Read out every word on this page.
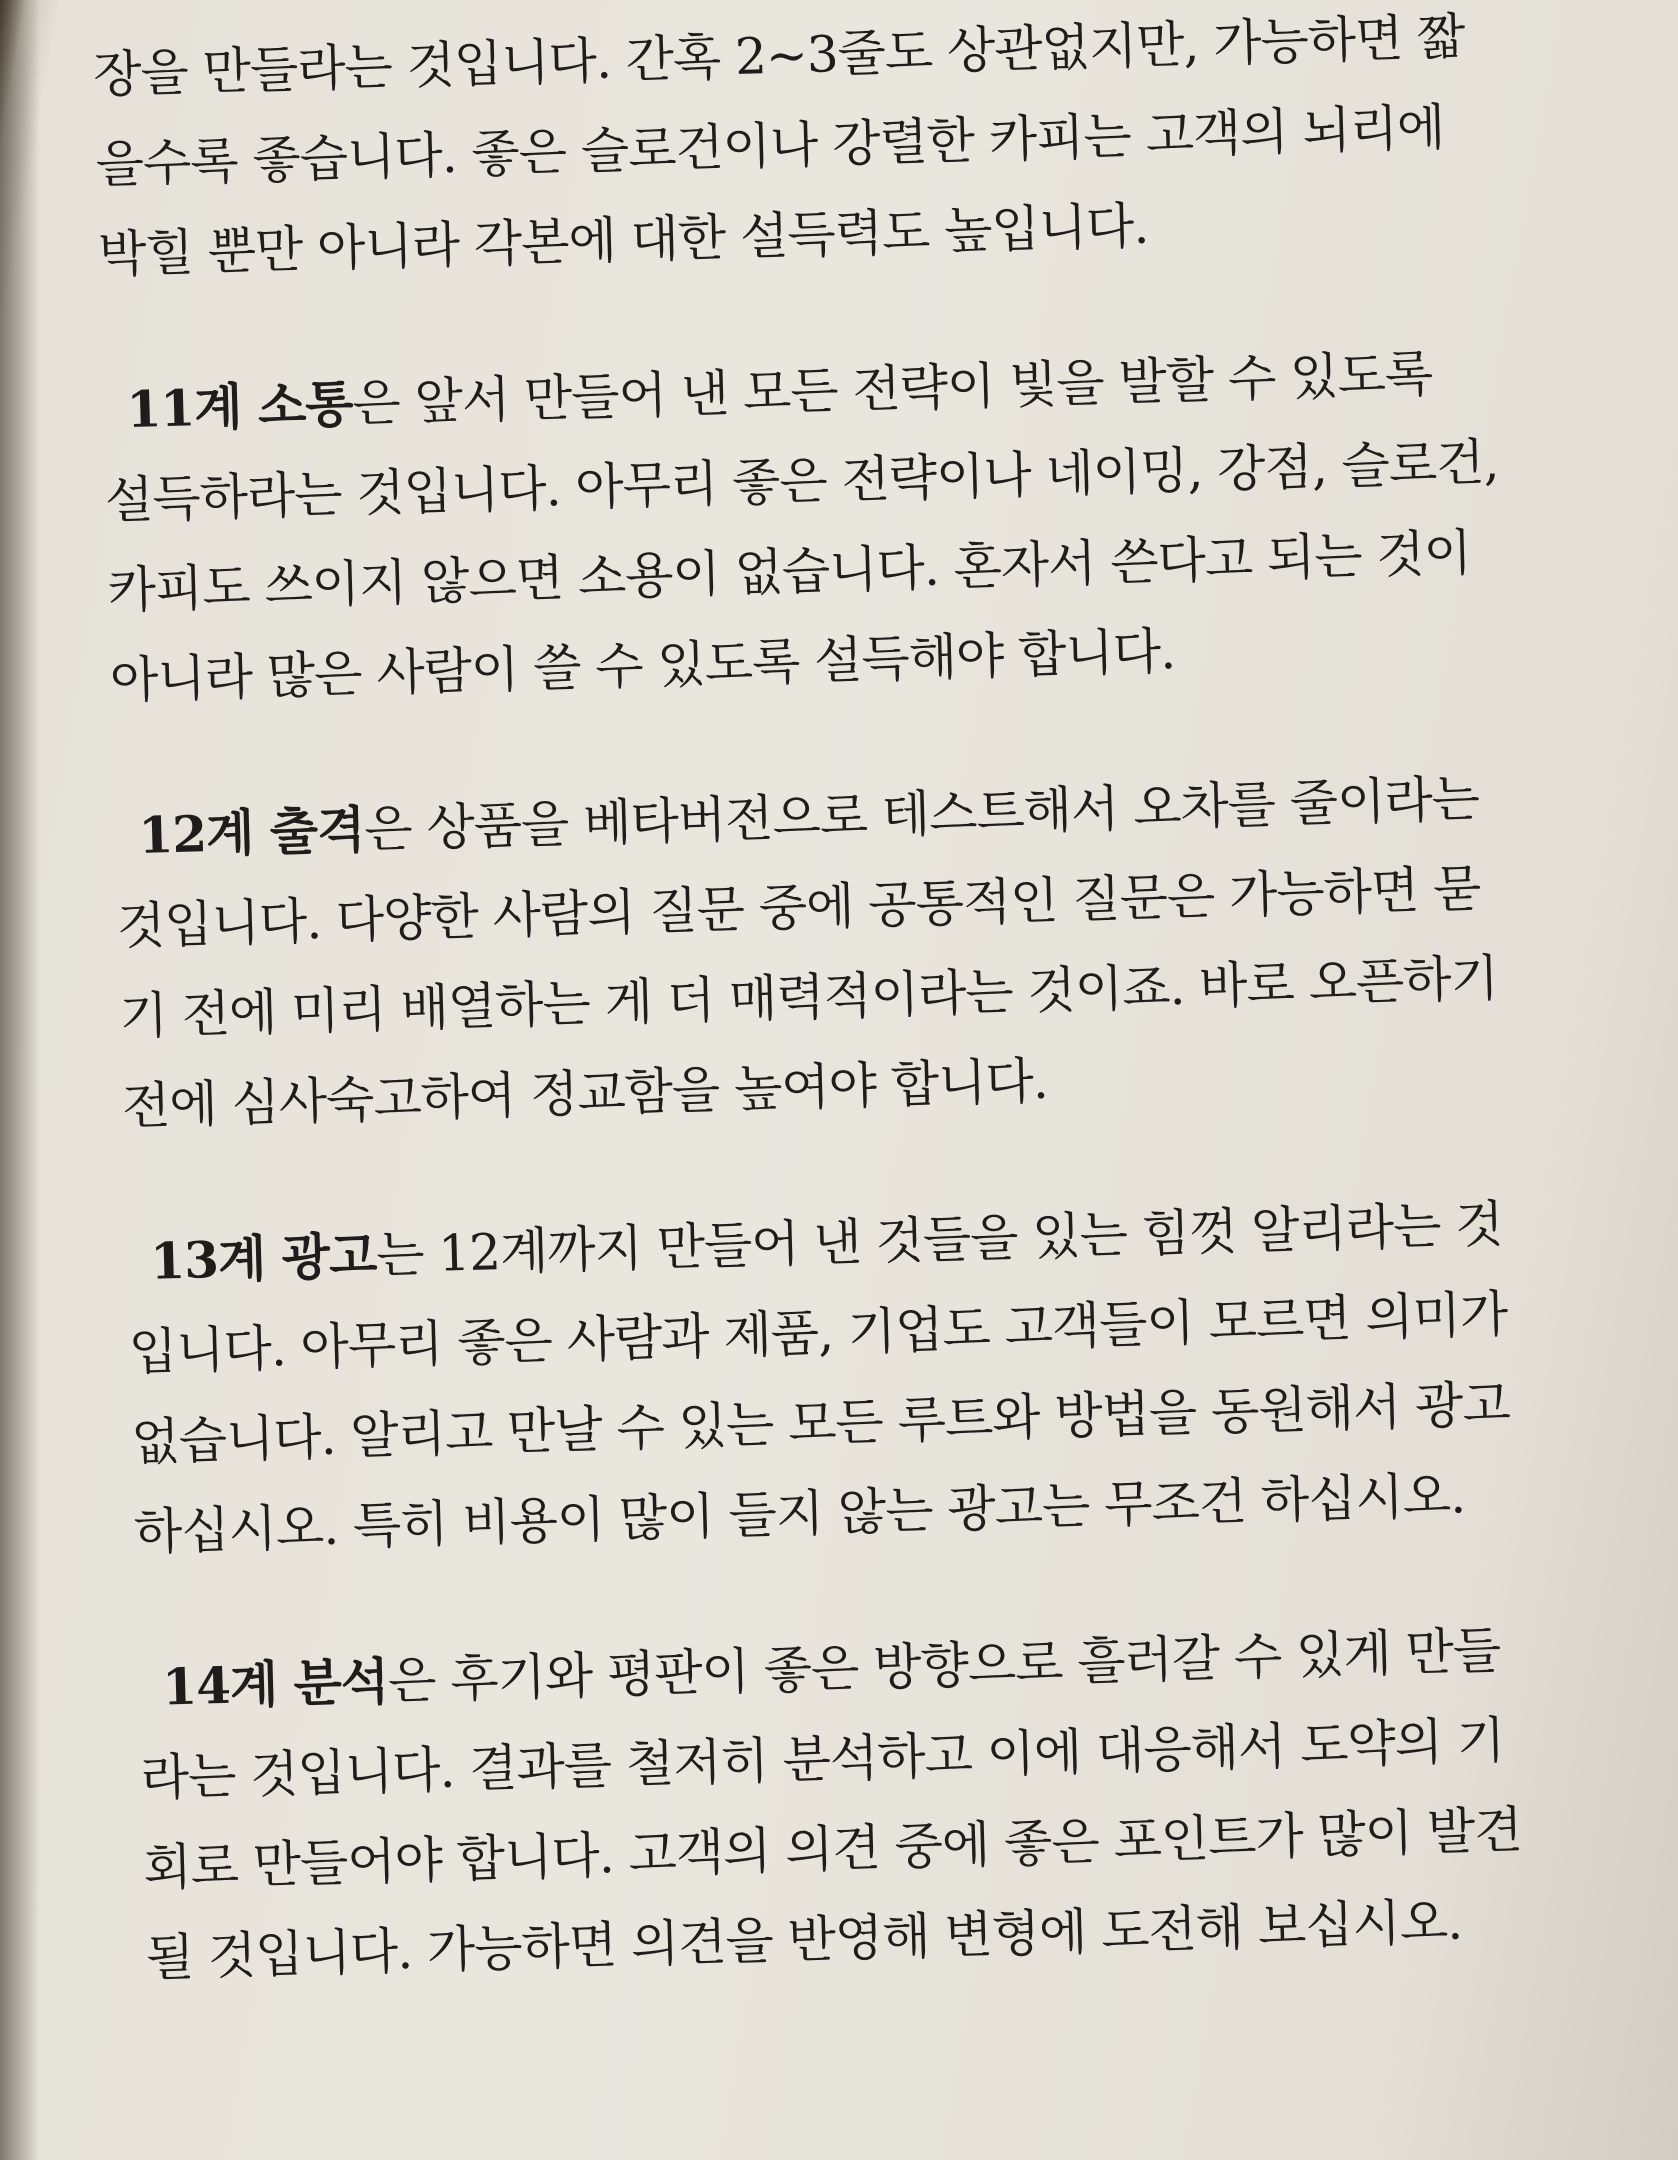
장을 만들라는 것입니다. 간혹 2~3줄도 상관없지만, 가능하면 짧
을수록 좋습니다. 좋은 슬로건이나 강렬한 카피는 고객의 뇌리에
박힐 뿐만 아니라 각본에 대한 설득력도 높입니다.
11계 소통은 앞서 만들어 낸 모든 전략이 빛을 발할 수 있도록
설득하라는 것입니다. 아무리 좋은 전략이나 네이밍, 강점, 슬로건,
카피도 쓰이지 않으면 소용이 없습니다. 혼자서 쓴다고 되는 것이
아니라 많은 사람이 쓸 수 있도록 설득해야 합니다.
12계 출격은 상품을 베타버전으로 테스트해서 오차를 줄이라는
것입니다. 다양한 사람의 질문 중에 공통적인 질문은 가능하면 묻
기 전에 미리 배열하는 게 더 매력적이라는 것이죠. 바로 오픈하기
전에 심사숙고하여 정교함을 높여야 합니다.
13계 광고는 12계까지 만들어 낸 것들을 있는 힘껏 알리라는 것
입니다. 아무리 좋은 사람과 제품, 기업도 고객들이 모르면 의미가
없습니다. 알리고 만날 수 있는 모든 루트와 방법을 동원해서 광고
하십시오. 특히 비용이 많이 들지 않는 광고는 무조건 하십시오.
14계 분석은 후기와 평판이 좋은 방향으로 흘러갈 수 있게 만들
라는 것입니다. 결과를 철저히 분석하고 이에 대응해서 도약의 기
회로 만들어야 합니다. 고객의 의견 중에 좋은 포인트가 많이 발견
될 것입니다. 가능하면 의견을 반영해 변형에 도전해 보십시오.
